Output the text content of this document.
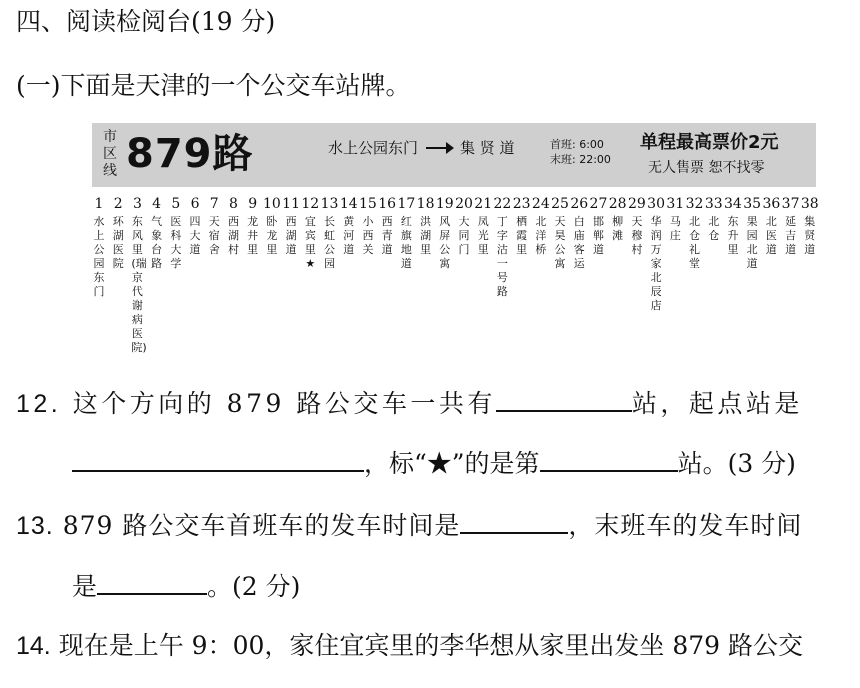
四、阅读检阅台(19 分)
(一)下面是天津的一个公交车站牌。
市区线 879路	水上公园东门	集 贤 道	首班: 6:00
末班: 22:00
单程最高票价2元
无人售票 恕不找零
1
水上公园东门
2
环湖医院
3
东风里(瑞京代谢病医院)
4
气象台路
5
医科大学
6
四大道
7
天宿舍
8
西湖村
9
龙井里
10
卧龙里
11
西湖道
12
宜宾里
★
13
长虹公园
14
黄河道
15
小西关
16
西青道
17
红旗地道
18
洪湖里
19
风屏公寓
20
大同门
21
凤光里
22
丁字沽一号路
23
栖霞里
24
北洋桥
25
天昊公寓
26
白庙客运
27
邯郸道
28
柳滩
29
天穆村
30
华润万家北辰店
31
马庄
32
北仓礼堂
33
北仓
34
东升里
35
果园北道
36
北医道
37
延吉道
38
集贤道
12. 这个方向的 879 路公交车一共有	站，起点站是
，标“★”的是第	站。(3 分)
13. 879 路公交车首班车的发车时间是	，末班车的发车时间
是	。(2 分)
14. 现在是上午 9：00，家住宜宾里的李华想从家里出发坐 879 路公交
